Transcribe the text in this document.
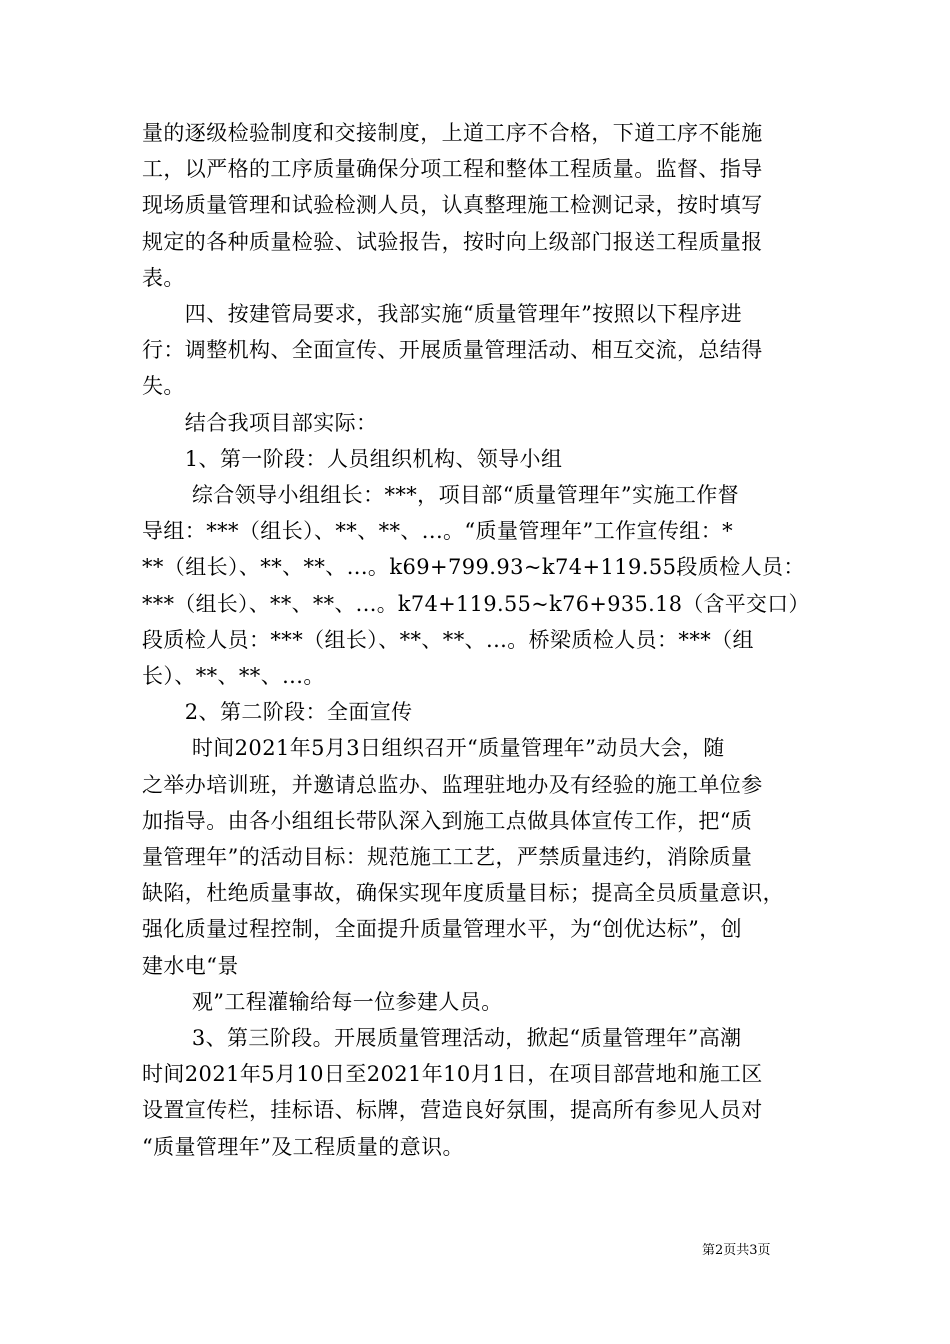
量的逐级检验制度和交接制度，上道工序不合格，下道工序不能施
工，以严格的工序质量确保分项工程和整体工程质量。监督、指导
现场质量管理和试验检测人员，认真整理施工检测记录，按时填写
规定的各种质量检验、试验报告，按时向上级部门报送工程质量报
表。
　　四、按建管局要求，我部实施“质量管理年”按照以下程序进
行：调整机构、全面宣传、开展质量管理活动、相互交流，总结得
失。
　　结合我项目部实际：
　　1、第一阶段：人员组织机构、领导小组
　　 综合领导小组组长：***，项目部“质量管理年”实施工作督
导组：***（组长）、**、**、...。“质量管理年”工作宣传组：*
**（组长）、**、**、...。k69+799.93~k74+119.55段质检人员：
***（组长）、**、**、...。k74+119.55~k76+935.18（含平交口）
段质检人员：***（组长）、**、**、...。桥梁质检人员：***（组
长）、**、**、...。
　　2、第二阶段：全面宣传
　　 时间2021年5月3日组织召开“质量管理年”动员大会，随
之举办培训班，并邀请总监办、监理驻地办及有经验的施工单位参
加指导。由各小组组长带队深入到施工点做具体宣传工作，把“质
量管理年”的活动目标：规范施工工艺，严禁质量违约，消除质量
缺陷，杜绝质量事故，确保实现年度质量目标；提高全员质量意识，
强化质量过程控制，全面提升质量管理水平，为“创优达标”，创
建水电“景
　　 观”工程灌输给每一位参建人员。
　　 3、第三阶段。开展质量管理活动，掀起“质量管理年”高潮
时间2021年5月10日至2021年10月1日，在项目部营地和施工区
设置宣传栏，挂标语、标牌，营造良好氛围，提高所有参见人员对
“质量管理年”及工程质量的意识。
第2页共3页
